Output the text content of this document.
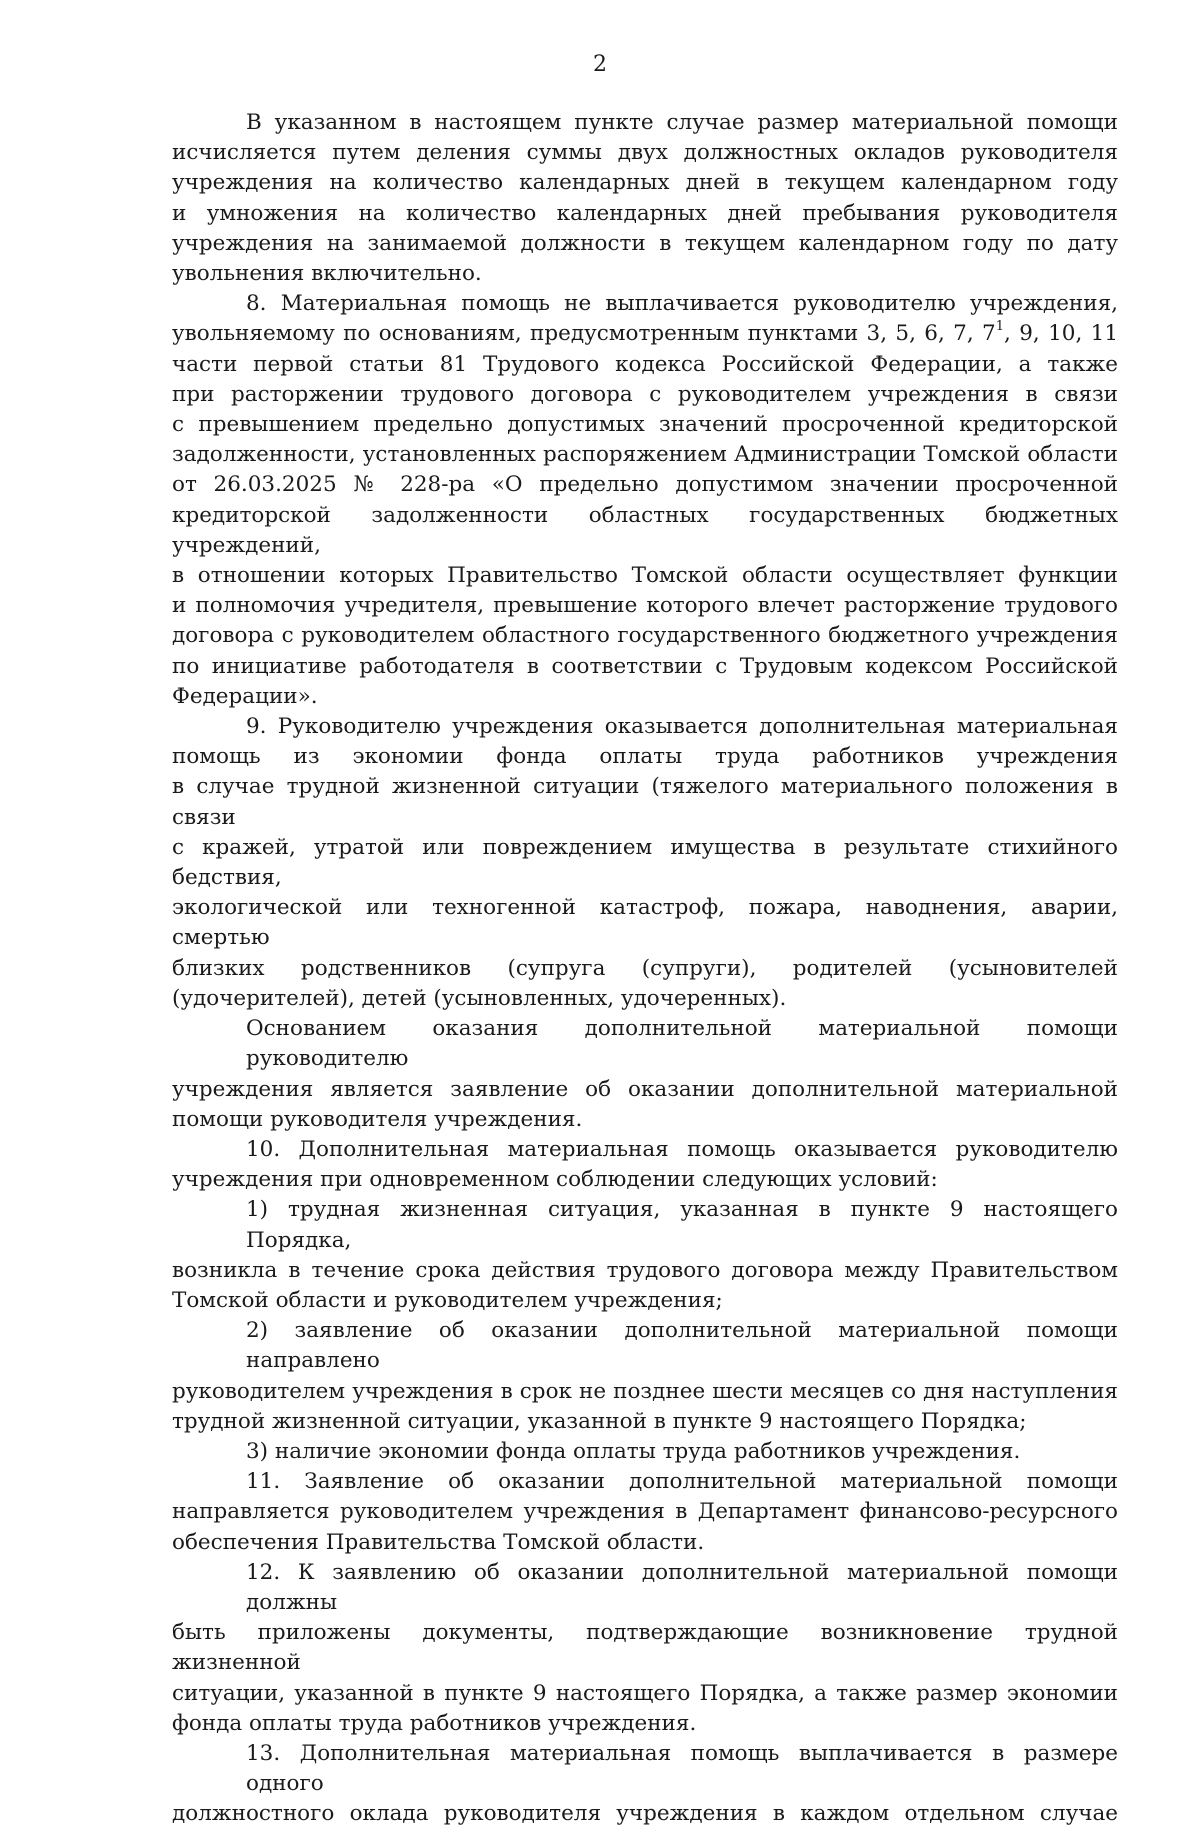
2
В указанном в настоящем пункте случае размер материальной помощи
исчисляется путем деления суммы двух должностных окладов руководителя
учреждения на количество календарных дней в текущем календарном году
и умножения на количество календарных дней пребывания руководителя
учреждения на занимаемой должности в текущем календарном году по дату
увольнения включительно.
8. Материальная помощь не выплачивается руководителю учреждения,
увольняемому по основаниям, предусмотренным пунктами 3, 5, 6, 7, $7^1$, 9, 10, 11
части первой статьи 81 Трудового кодекса Российской Федерации, а также
при расторжении трудового договора с руководителем учреждения в связи
с превышением предельно допустимых значений просроченной кредиторской
задолженности, установленных распоряжением Администрации Томской области
от 26.03.2025 № 228-ра «О предельно допустимом значении просроченной
кредиторской задолженности областных государственных бюджетных учреждений,
в отношении которых Правительство Томской области осуществляет функции
и полномочия учредителя, превышение которого влечет расторжение трудового
договора с руководителем областного государственного бюджетного учреждения
по инициативе работодателя в соответствии с Трудовым кодексом Российской
Федерации».
9. Руководителю учреждения оказывается дополнительная материальная
помощь из экономии фонда оплаты труда работников учреждения
в случае трудной жизненной ситуации (тяжелого материального положения в связи
с кражей, утратой или повреждением имущества в результате стихийного бедствия,
экологической или техногенной катастроф, пожара, наводнения, аварии, смертью
близких родственников (супруга (супруги), родителей (усыновителей
(удочерителей), детей (усыновленных, удочеренных).
Основанием оказания дополнительной материальной помощи руководителю
учреждения является заявление об оказании дополнительной материальной
помощи руководителя учреждения.
10. Дополнительная материальная помощь оказывается руководителю
учреждения при одновременном соблюдении следующих условий:
1) трудная жизненная ситуация, указанная в пункте 9 настоящего Порядка,
возникла в течение срока действия трудового договора между Правительством
Томской области и руководителем учреждения;
2) заявление об оказании дополнительной материальной помощи направлено
руководителем учреждения в срок не позднее шести месяцев со дня наступления
трудной жизненной ситуации, указанной в пункте 9 настоящего Порядка;
3) наличие экономии фонда оплаты труда работников учреждения.
11. Заявление об оказании дополнительной материальной помощи
направляется руководителем учреждения в Департамент финансово-ресурсного
обеспечения Правительства Томской области.
12. К заявлению об оказании дополнительной материальной помощи должны
быть приложены документы, подтверждающие возникновение трудной жизненной
ситуации, указанной в пункте 9 настоящего Порядка, а также размер экономии
фонда оплаты труда работников учреждения.
13. Дополнительная материальная помощь выплачивается в размере одного
должностного оклада руководителя учреждения в каждом отдельном случае
